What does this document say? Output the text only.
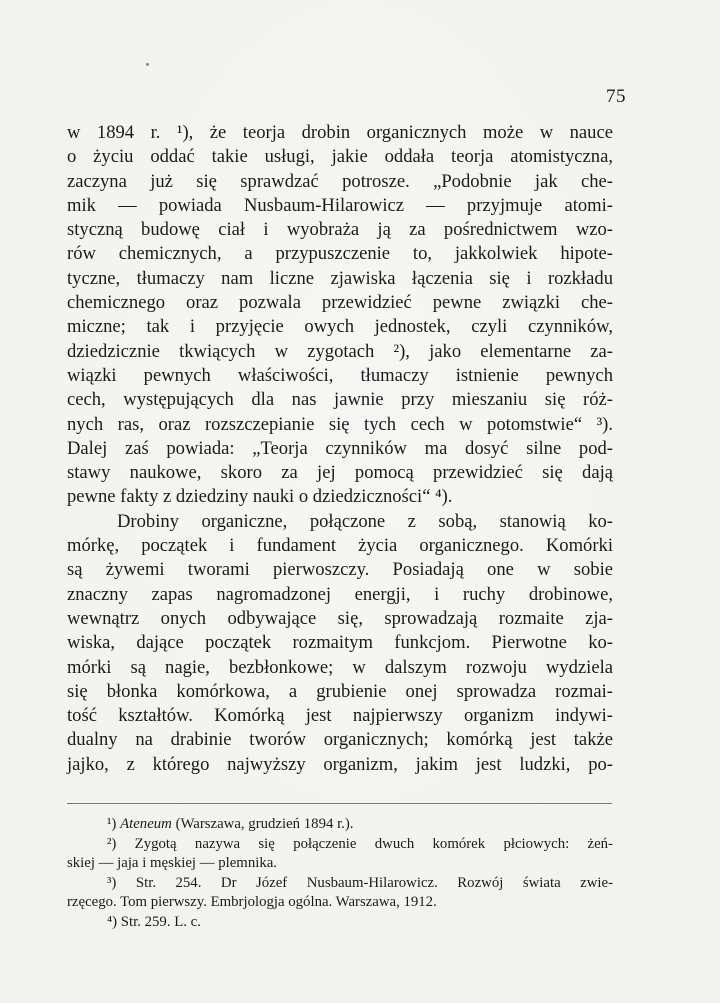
75
w 1894 r. ¹), że teorja drobin organicznych może w nauce
o życiu oddać takie usługi, jakie oddała teorja atomistyczna,
zaczyna już się sprawdzać potrosze. „Podobnie jak che-
mik — powiada Nusbaum-Hilarowicz — przyjmuje atomi-
styczną budowę ciał i wyobraża ją za pośrednictwem wzo-
rów chemicznych, a przypuszczenie to, jakkolwiek hipote-
tyczne, tłumaczy nam liczne zjawiska łączenia się i rozkładu
chemicznego oraz pozwala przewidzieć pewne związki che-
miczne; tak i przyjęcie owych jednostek, czyli czynników,
dziedzicznie tkwiących w zygotach ²), jako elementarne za-
wiązki pewnych właściwości, tłumaczy istnienie pewnych
cech, występujących dla nas jawnie przy mieszaniu się róż-
nych ras, oraz rozszczepianie się tych cech w potomstwie“ ³).
Dalej zaś powiada: „Teorja czynników ma dosyć silne pod-
stawy naukowe, skoro za jej pomocą przewidzieć się dają
pewne fakty z dziedziny nauki o dziedziczności“ ⁴).
Drobiny organiczne, połączone z sobą, stanowią ko-
mórkę, początek i fundament życia organicznego. Komórki
są żywemi tworami pierwoszczy. Posiadają one w sobie
znaczny zapas nagromadzonej energji, i ruchy drobinowe,
wewnątrz onych odbywające się, sprowadzają rozmaite zja-
wiska, dające początek rozmaitym funkcjom. Pierwotne ko-
mórki są nagie, bezbłonkowe; w dalszym rozwoju wydziela
się błonka komórkowa, a grubienie onej sprowadza rozmai-
tość kształtów. Komórką jest najpierwszy organizm indywi-
dualny na drabinie tworów organicznych; komórką jest także
jajko, z którego najwyższy organizm, jakim jest ludzki, po-
¹) Ateneum (Warszawa, grudzień 1894 r.).
²) Zygotą nazywa się połączenie dwuch komórek płciowych: żeń-
skiej — jaja i męskiej — plemnika.
³) Str. 254. Dr Józef Nusbaum-Hilarowicz. Rozwój świata zwie-
rzęcego. Tom pierwszy. Embrjologja ogólna. Warszawa, 1912.
⁴) Str. 259. L. c.
